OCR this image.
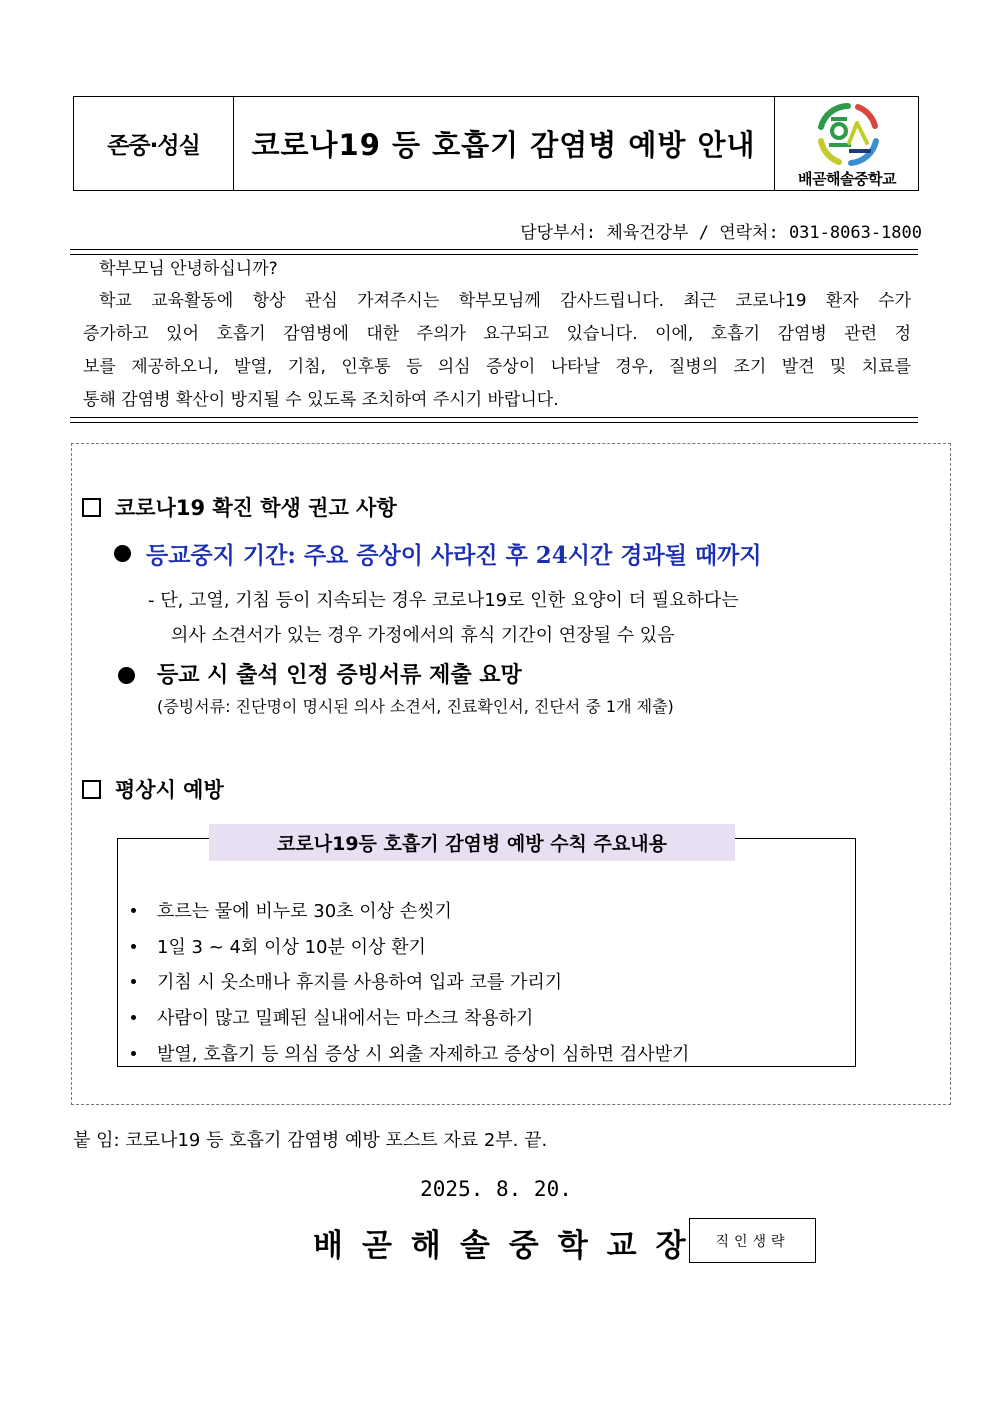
존중·성실 코로나19 등 호흡기 감염병 예방 안내
배곧해솔중학교
담당부서: 체육건강부 / 연락처: 031-8063-1800
학부모님 안녕하십니까?
학교 교육활동에 항상 관심 가져주시는 학부모님께 감사드립니다. 최근 코로나19 환자 수가
증가하고 있어 호흡기 감염병에 대한 주의가 요구되고 있습니다. 이에, 호흡기 감염병 관련 정
보를 제공하오니, 발열, 기침, 인후통 등 의심 증상이 나타날 경우, 질병의 조기 발견 및 치료를
통해 감염병 확산이 방지될 수 있도록 조치하여 주시기 바랍니다.
코로나19 확진 학생 권고 사항
등교중지 기간: 주요 증상이 사라진 후 24시간 경과될 때까지
- 단, 고열, 기침 등이 지속되는 경우 코로나19로 인한 요양이 더 필요하다는
의사 소견서가 있는 경우 가정에서의 휴식 기간이 연장될 수 있음
등교 시 출석 인정 증빙서류 제출 요망
(증빙서류: 진단명이 명시된 의사 소견서, 진료확인서, 진단서 중 1개 제출)
평상시 예방
코로나19등 호흡기 감염병 예방 수칙 주요내용
흐르는 물에 비누로 30초 이상 손씻기
1일 3 ~ 4회 이상 10분 이상 환기
기침 시 옷소매나 휴지를 사용하여 입과 코를 가리기
사람이 많고 밀폐된 실내에서는 마스크 착용하기
발열, 호흡기 등 의심 증상 시 외출 자제하고 증상이 심하면 검사받기
붙 임: 코로나19 등 호흡기 감염병 예방 포스트 자료 2부. 끝.
2025. 8. 20.
배곧해솔중학교장 직인생략
